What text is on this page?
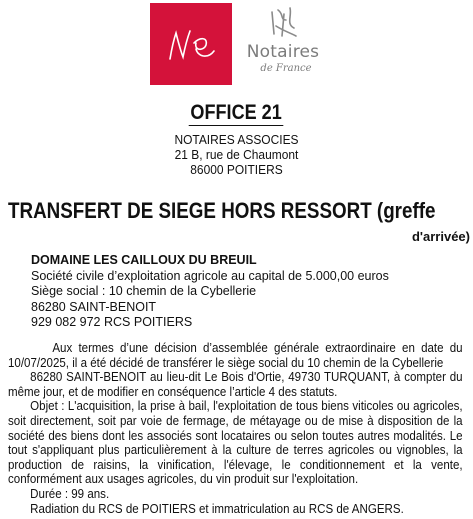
Notaires
de France
OFFICE 21
NOTAIRES ASSOCIES
21 B, rue de Chaumont
86000 POITIERS
TRANSFERT DE SIEGE HORS RESSORT (greffe
d'arrivée)
DOMAINE LES CAILLOUX DU BREUIL
Société civile d’exploitation agricole au capital de 5.000,00 euros
Siège social : 10 chemin de la Cybellerie
86280 SAINT-BENOIT
929 082 972 RCS POITIERS

Aux termes d’une décision d’assemblée générale extraordinaire en date du 10/07/2025, il a été décidé de transférer le siège social du 10 chemin de la Cybellerie

86280 SAINT-BENOIT au lieu-dit Le Bois d'Ortie, 49730 TURQUANT, à compter du même jour, et de modifier en conséquence l’article 4 des statuts.

Objet : L'acquisition, la prise à bail, l'exploitation de tous biens viticoles ou agricoles, soit directement, soit par voie de fermage, de métayage ou de mise à disposition de la société des biens dont les associés sont locataires ou selon toutes autres modalités. Le tout s'appliquant plus particulièrement à la culture de terres agricoles ou vignobles, la production de raisins, la vinification, l'élevage, le conditionnement et la vente, conformément aux usages agricoles, du vin produit sur l'exploitation.

Durée : 99 ans.

Radiation du RCS de POITIERS et immatriculation au RCS de ANGERS.
